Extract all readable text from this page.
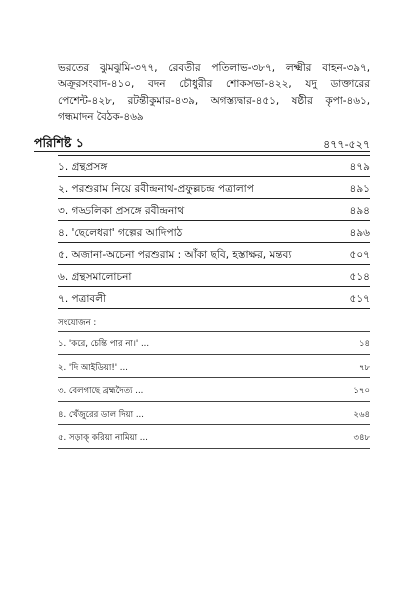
ভরতের ঝুমঝুমি-৩৭৭, রেবতীর পতিলাভ-৩৮৭, লক্ষ্মীর বাহন-৩৯৭, অক্রূরসংবাদ-৪১০, বদন চৌধুরীর শোকসভা-৪২২, যদু ডাক্তারের পেশেন্ট-৪২৮, রটন্তীকুমার-৪৩৯, অগস্ত্যদ্বার-৪৫১, ষষ্ঠীর কৃপা-৪৬১, গন্ধমাদন বৈঠক-৪৬৯

পরিশিষ্ট ১	৪৭৭-৫২৭
১. গ্রন্থপ্রসঙ্গ	৪৭৯
২. পরশুরাম নিয়ে রবীন্দ্রনাথ-প্রফুল্লচন্দ্র পত্রালাপ	৪৯১
৩. গড্ডলিকা প্রসঙ্গে রবীন্দ্রনাথ	৪৯৪
৪. 'ছেলেধরা' গল্পের আদিপাঠ	৪৯৬
৫. অজানা-অচেনা পরশুরাম : আঁকা ছবি, হস্তাক্ষর, মন্তব্য	৫০৭
৬. গ্রন্থসমালোচনা	৫১৪
৭. পত্রাবলী	৫১৭
সংযোজন :
১. 'করে, চেন্তি পার না।' ...	১৪
২. 'দি আইডিয়া!' ...	৭৮
৩. বেলগাছে ব্রহ্মদৈত্য ...	১৭০
৪. খেঁজুরের ডাল দিয়া ...	২৬৪
৫. সড়াক্ করিয়া নামিয়া ...	৩৪৮
